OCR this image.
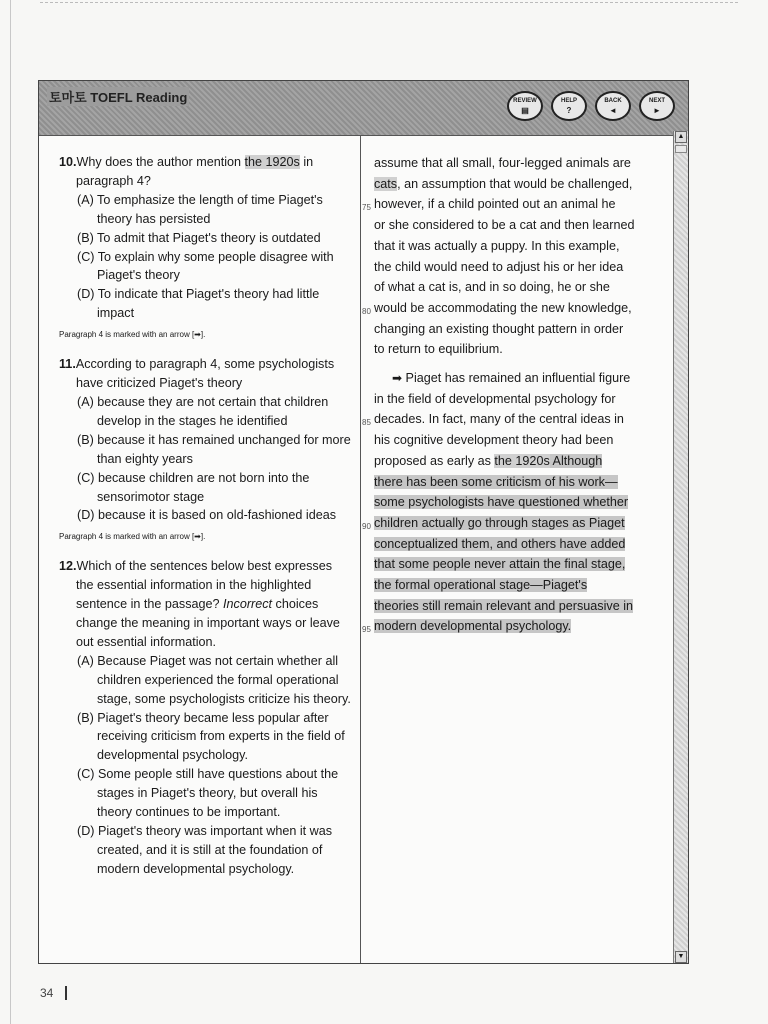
토마토 TOEFL Reading	REVIEW
▤
HELP
?
BACK
◄
NEXT
►
10.Why does the author mention the 1920s in paragraph 4?
(A) To emphasize the length of time Piaget's theory has persisted
(B) To admit that Piaget's theory is outdated
(C) To explain why some people disagree with Piaget's theory
(D) To indicate that Piaget's theory had little impact
Paragraph 4 is marked with an arrow [➡].
11.According to paragraph 4, some psychologists have criticized Piaget's theory
(A) because they are not certain that children develop in the stages he identified
(B) because it has remained unchanged for more than eighty years
(C) because children are not born into the sensorimotor stage
(D) because it is based on old-fashioned ideas
Paragraph 4 is marked with an arrow [➡].
12.Which of the sentences below best expresses the essential information in the highlighted sentence in the passage? Incorrect choices change the meaning in important ways or leave out essential information.
(A) Because Piaget was not certain whether all children experienced the formal operational stage, some psychologists criticize his theory.
(B) Piaget's theory became less popular after receiving criticism from experts in the field of developmental psychology.
(C) Some people still have questions about the stages in Piaget's theory, but overall his theory continues to be important.
(D) Piaget's theory was important when it was created, and it is still at the foundation of modern developmental psychology.
assume that all small, four-legged animals are
cats, an assumption that would be challenged,
75 however, if a child pointed out an animal he
or she considered to be a cat and then learned
that it was actually a puppy. In this example,
the child would need to adjust his or her idea
of what a cat is, and in so doing, he or she
80 would be accommodating the new knowledge,
changing an existing thought pattern in order
to return to equilibrium.
➡ Piaget has remained an influential figure
in the field of developmental psychology for
85 decades. In fact, many of the central ideas in
his cognitive development theory had been
proposed as early as the 1920s Although
there has been some criticism of his work—
some psychologists have questioned whether
90 children actually go through stages as Piaget
conceptualized them, and others have added
that some people never attain the final stage,
the formal operational stage—Piaget's
theories still remain relevant and persuasive in
95 modern developmental psychology.
▲
▼
34
